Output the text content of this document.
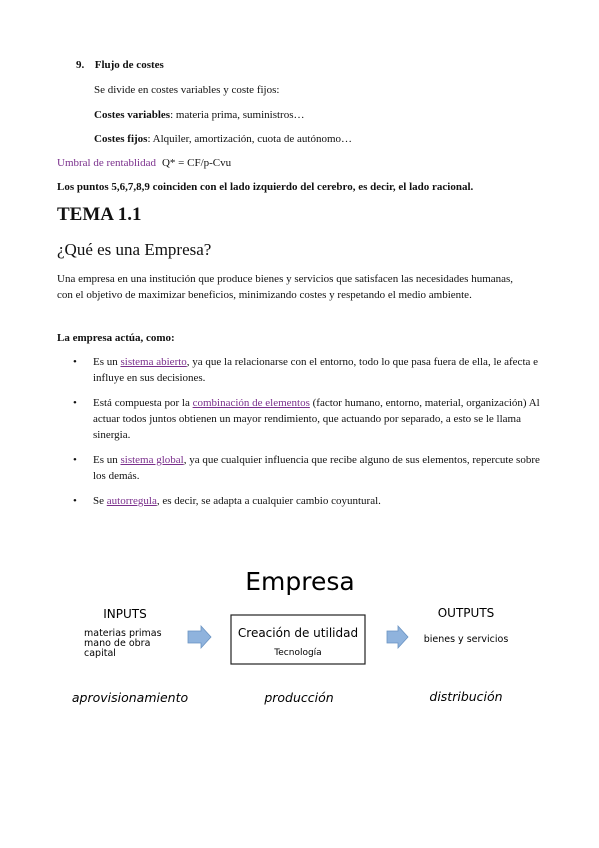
9. Flujo de costes
Se divide en costes variables y coste fijos:
Costes variables: materia prima, suministros…
Costes fijos: Alquiler, amortización, cuota de autónomo…
Umbral de rentablidad Q* = CF/p-Cvu
Los puntos 5,6,7,8,9 coinciden con el lado izquierdo del cerebro, es decir, el lado racional.
TEMA 1.1
¿Qué es una Empresa?
Una empresa en una institución que produce bienes y servicios que satisfacen las necesidades humanas, con el objetivo de maximizar beneficios, minimizando costes y respetando el medio ambiente.
La empresa actúa, como:
• Es un sistema abierto, ya que la relacionarse con el entorno, todo lo que pasa fuera de ella, le afecta e influye en sus decisiones.
• Está compuesta por la combinación de elementos (factor humano, entorno, material, organización) Al actuar todos juntos obtienen un mayor rendimiento, que actuando por separado, a esto se le llama sinergia.
• Es un sistema global, ya que cualquier influencia que recibe alguno de sus elementos, repercute sobre los demás.
• Se autorregula, es decir, se adapta a cualquier cambio coyuntural.
Empresa
INPUTS
materias primas
mano de obra
capital
Creación de utilidad
Tecnología
OUTPUTS
bienes y servicios
aprovisionamiento	producción	distribución
